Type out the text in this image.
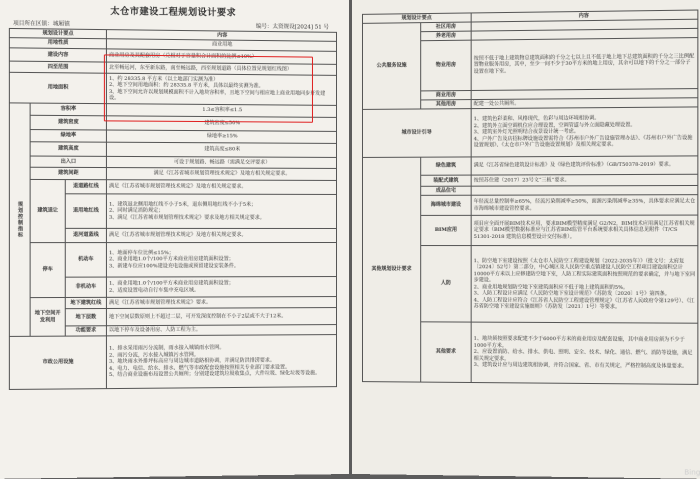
太仓市建设工程规划设计要求
项目所在区镇：城厢镇	编号：太资规设[2024] 51 号
规划设计要点			内容
用地性质			商业用地
建设内容			商业用房及其配套用房（兑相对于容量积合计面积的比例≤10%）
四至范围			北至畅远河，东至新东路，南至畅远路，西至规划道路（具体位置见规划红线图）
用地面积			1、约 28335.8 平方米（以土地部门实测为准）
2、地下空间用地面积：约 28335.8 平方米，具体以最终实测为准。
3、地下空间允许以规划规模面积不计入地块容积率，且地下空间与相应地上商业用地同步开发建设。
规划控制指标	容积率		1.3≤容积率≤1.5
	建筑密度		建筑密度≤50%
	绿地率		绿地率≥15%
	建筑高度		建筑高度≤80米
	出入口		可设于规划路、畅远路（需满足交评要求）
	建筑间距		满足《江苏省城市规划管理技术规定》及地方相关规定要求。
	建筑退让	退道路红线	满足《江苏省城市规划管理技术规定》及地方相关规定要求。
		退用地红线	1、建筑退北侧用地红线不小于5米，退东侧用地红线不小于5米；
2、同时满足消防规定；
3、满足《江苏省城市规划管理技术规定》要求及地方相关规定要求。
		退河道蓝线	满足《江苏省城市规划管理技术规定》及地方相关规定要求。
	停车	机动车	1、地面停车位比例≤15%；
2、商业用地1.0个/100平方米商业用房建筑面积设置；
3、新建车位应100%建设充电设施或预留建设安装条件。
		非机动车	1、商业用地1.0个/100平方米商业用房建筑面积设置；
2、适度设置电动自行车集中充电区域。
	地下空间开发利用	地下建筑红线	满足《江苏省城市规划管理技术规定》要求。
		地下层数	地下空间层数原则上不超过二层，可开发深度控制在不小于2层或不大于12米。
		功能要求	以地下停车及设备用房、人防工程为主。
市政公用设施			1、排水采用雨污分流制，雨水接入城镇雨水管网。
2、雨污分流，污水接入城镇污水管网。
3、地块雨水外排坪标高应与周边城市道路相协调，并满足防洪排涝要求。
4、电力、电信、给水、排水、燃气等市政配套设施按照相关专业部门要求设置。
5、结合商业设施布局设置公共厕所；分别建设建筑垃圾收集点，大件垃圾、绿化垃圾等设施。
规划设计要点		内容
公共服务设施	社区用房	
	养老用房	
	物业用房	按照不低于地上建筑物总建筑面积的千分之七以上且不低于地上地下总建筑面积的千分之三比例配置物业服务用房，其中，至少一间不少于30平方米的地上用房，其余可以地下的千分之一部分子设置在地下室。
	商业用房	
	其他用房	配建一处公共厕所。
城市设计引导		1、建筑色彩柔和、风格现代，色彩与周边环境相协调。
2、建筑外立面空调机位应合理设置，空调管道与外立面隐藏处理设置。
3、建筑室外灯光照明结合夜景设计统一考虑。
4、户外广告及店招标牌设施设置需符合《苏州市户外广告设施管理办法》、《苏州市户外广告设施设置规划》、《太仓市户外广告设施设置规划》及相关规定要求。
其他规划设计要求	绿色建筑	满足《江苏省绿色建筑设计标准》及《绿色建筑评价标准》（GB/T50378-2019）要求。
	装配式建筑	按照苏住建（2017）23号文“三板”要求。
	成品住宅	
	海绵城市建设	年径流总量控制率≥65%，径流污染削减率≥50%，面源污染削减率≥35%，具体要求应满足太仓市海绵城市建设管控要求。
	BIM应用	项目应全面开展BIM技术应用，要求BIM模型精度满足 G2/N2，BIM技术应用满足江苏省相关规定要求（BIM模型数据标准应与江苏省BIM监管平台系统要求相关具体信息见附件（T/CS 51301-2018 建筑信息模型设计交付标准）。
	人防	1、防空地下室建设按照《太仓市人民防空工程建设规划（2022-2035年）》（批文号：太府复〔2024〕52号）第二部分，中心城区及人民防空重点镇建设人民防空工程项目建设面积总计10000平方米以上应修建防空地下室，人防工程实际建筑面积按照规范的要求确定，并与地下室同步建设。
2、商业用地规划防空地下室建筑面积应不低于地上建筑面积的5%。
3、人防工程设计应满足《人民防空地下室设计规范》《苏防发〔2020〕1号》第四条。
4、人防工程设计应符合《江苏省人民防空工程建设管理规定》（江苏省人民政府令第129号）、《江苏省防空地下室建设实施细则》（苏防发〔2021〕1号）等要求。
	其他要求	1、地块须按照要求配建不少于6000平方米的商业用房及配套设施，其中商业用房须为不少于1000平方米。
2、应设置消防、给水、排水、供电、照明、安全、技术、绿化、通信、燃气、消防等设施，满足相关规定要求。
3、建筑设计应与周边建筑相协调，并符合国家、省、市有关规定，严格控制高度及体量要求。
Bing
